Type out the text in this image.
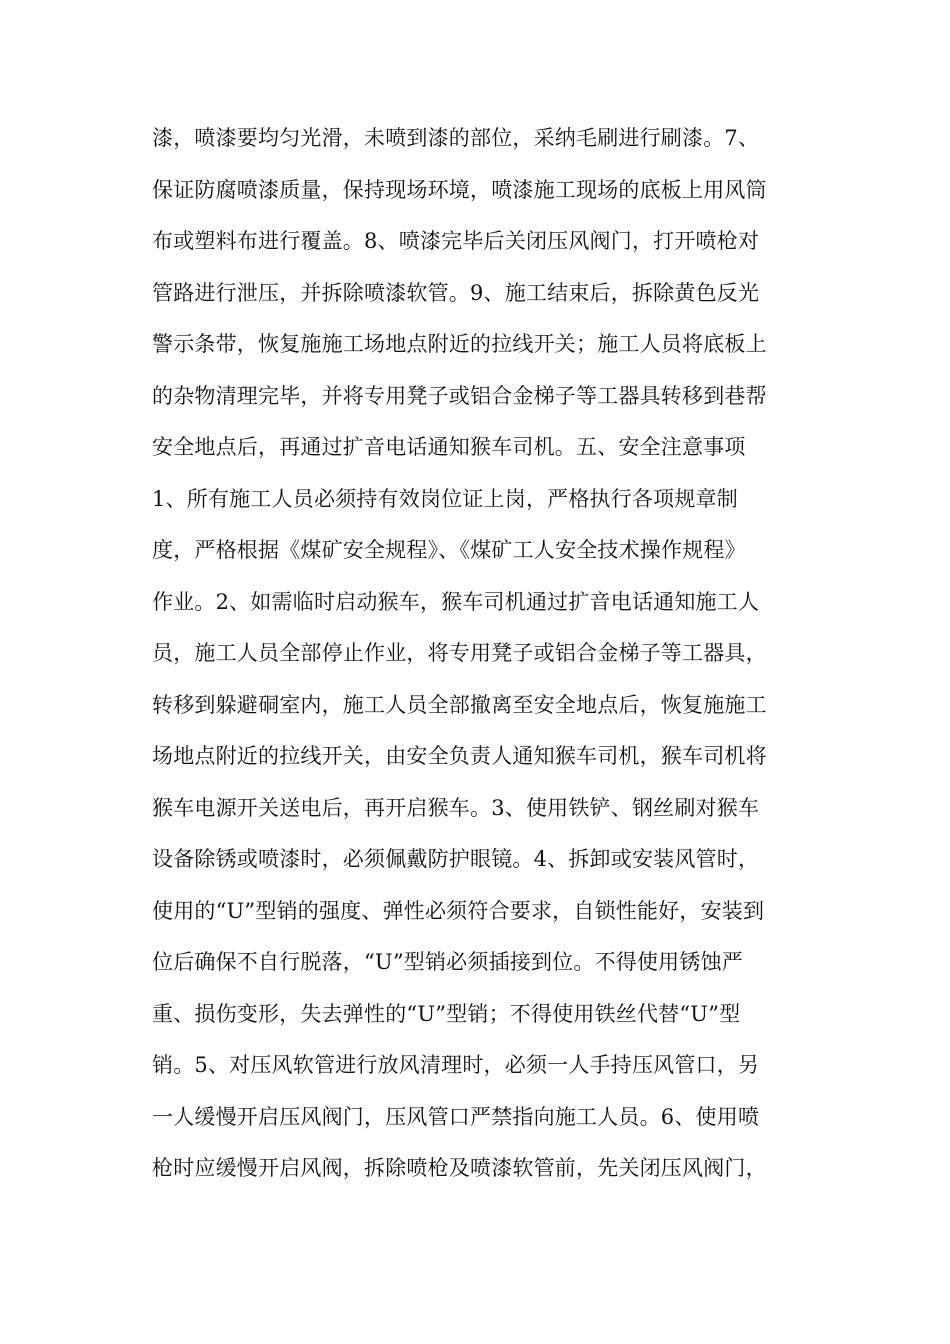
漆，喷漆要均匀光滑，未喷到漆的部位，采纳毛刷进行刷漆。7、
保证防腐喷漆质量，保持现场环境，喷漆施工现场的底板上用风筒
布或塑料布进行覆盖。8、喷漆完毕后关闭压风阀门，打开喷枪对
管路进行泄压，并拆除喷漆软管。9、施工结束后，拆除黄色反光
警示条带，恢复施施工场地点附近的拉线开关；施工人员将底板上
的杂物清理完毕，并将专用凳子或铝合金梯子等工器具转移到巷帮
安全地点后，再通过扩音电话通知猴车司机。五、安全注意事项
1、所有施工人员必须持有效岗位证上岗，严格执行各项规章制
度，严格根据《煤矿安全规程》、《煤矿工人安全技术操作规程》
作业。2、如需临时启动猴车，猴车司机通过扩音电话通知施工人
员，施工人员全部停止作业，将专用凳子或铝合金梯子等工器具，
转移到躲避硐室内，施工人员全部撤离至安全地点后，恢复施施工
场地点附近的拉线开关，由安全负责人通知猴车司机，猴车司机将
猴车电源开关送电后，再开启猴车。3、使用铁铲、钢丝刷对猴车
设备除锈或喷漆时，必须佩戴防护眼镜。4、拆卸或安装风管时，
使用的“U”型销的强度、弹性必须符合要求，自锁性能好，安装到
位后确保不自行脱落，“U”型销必须插接到位。不得使用锈蚀严
重、损伤变形，失去弹性的“U”型销；不得使用铁丝代替“U”型
销。5、对压风软管进行放风清理时，必须一人手持压风管口，另
一人缓慢开启压风阀门，压风管口严禁指向施工人员。6、使用喷
枪时应缓慢开启风阀，拆除喷枪及喷漆软管前，先关闭压风阀门，
